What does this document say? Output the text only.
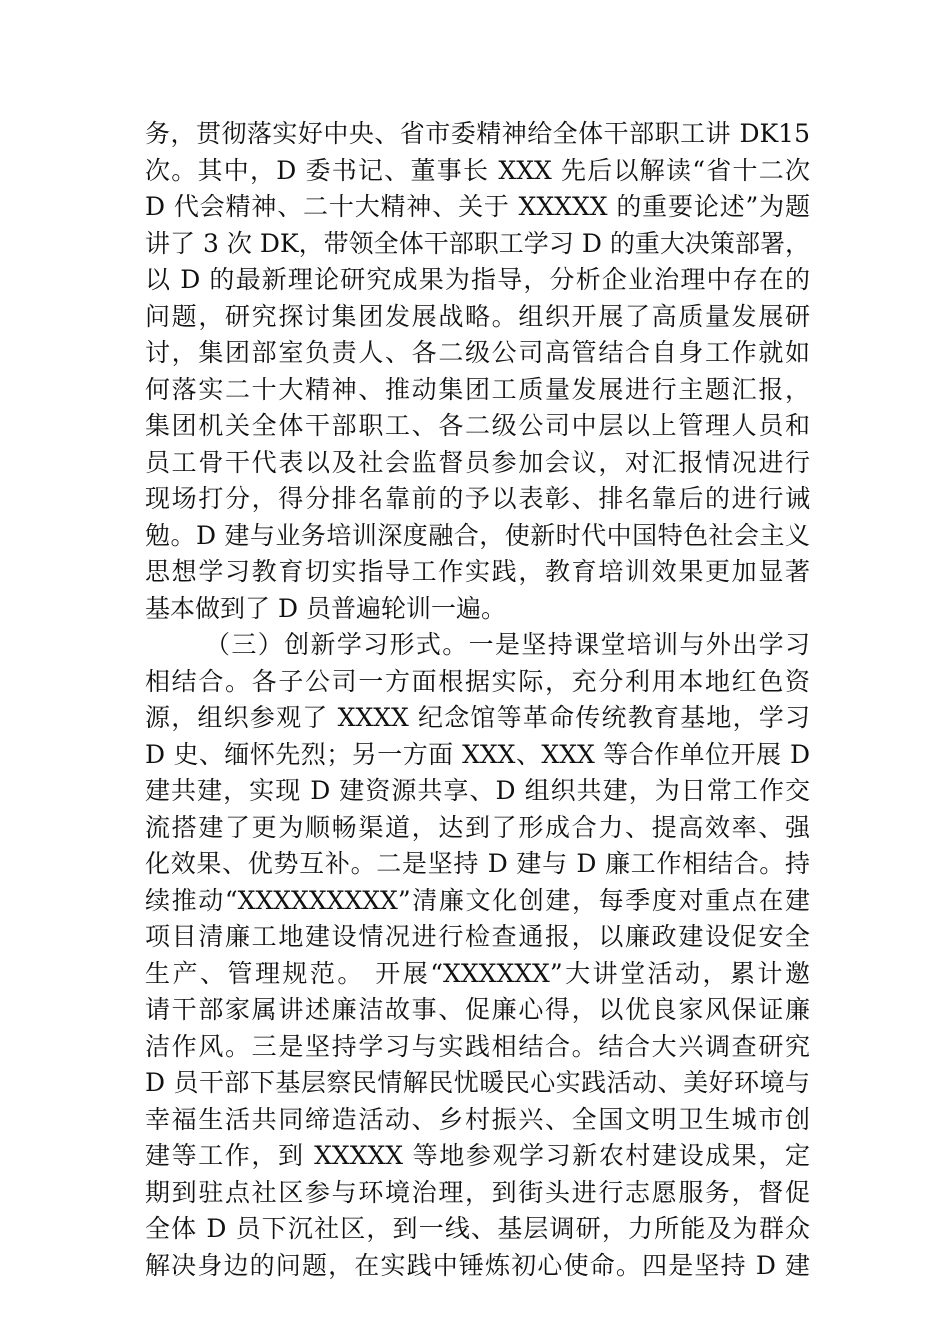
务，贯彻落实好中央、省市委精神给全体干部职工讲 DK15
次。其中，D 委书记、董事长 XXX 先后以解读“省十二次
D 代会精神、二十大精神、关于 XXXXX 的重要论述”为题
讲了 3 次 DK，带领全体干部职工学习 D 的重大决策部署，
以 D 的最新理论研究成果为指导，分析企业治理中存在的
问题，研究探讨集团发展战略。组织开展了高质量发展研
讨，集团部室负责人、各二级公司高管结合自身工作就如
何落实二十大精神、推动集团工质量发展进行主题汇报，
集团机关全体干部职工、各二级公司中层以上管理人员和
员工骨干代表以及社会监督员参加会议，对汇报情况进行
现场打分，得分排名靠前的予以表彰、排名靠后的进行诫
勉。D 建与业务培训深度融合，使新时代中国特色社会主义
思想学习教育切实指导工作实践，教育培训效果更加显著
基本做到了 D 员普遍轮训一遍。
（三）创新学习形式。一是坚持课堂培训与外出学习
相结合。各子公司一方面根据实际，充分利用本地红色资
源，组织参观了 XXXX 纪念馆等革命传统教育基地，学习
D 史、缅怀先烈；另一方面 XXX、XXX 等合作单位开展 D
建共建，实现 D 建资源共享、D 组织共建，为日常工作交
流搭建了更为顺畅渠道，达到了形成合力、提高效率、强
化效果、优势互补。二是坚持 D 建与 D 廉工作相结合。持
续推动“XXXXXXXXX”清廉文化创建，每季度对重点在建
项目清廉工地建设情况进行检查通报，以廉政建设促安全
生产、管理规范。 开展“XXXXXX”大讲堂活动，累计邀
请干部家属讲述廉洁故事、促廉心得，以优良家风保证廉
洁作风。三是坚持学习与实践相结合。结合大兴调查研究
D 员干部下基层察民情解民忧暖民心实践活动、美好环境与
幸福生活共同缔造活动、乡村振兴、全国文明卫生城市创
建等工作，到 XXXXX 等地参观学习新农村建设成果，定
期到驻点社区参与环境治理，到街头进行志愿服务，督促
全体 D 员下沉社区，到一线、基层调研，力所能及为群众
解决身边的问题，在实践中锤炼初心使命。四是坚持 D 建
